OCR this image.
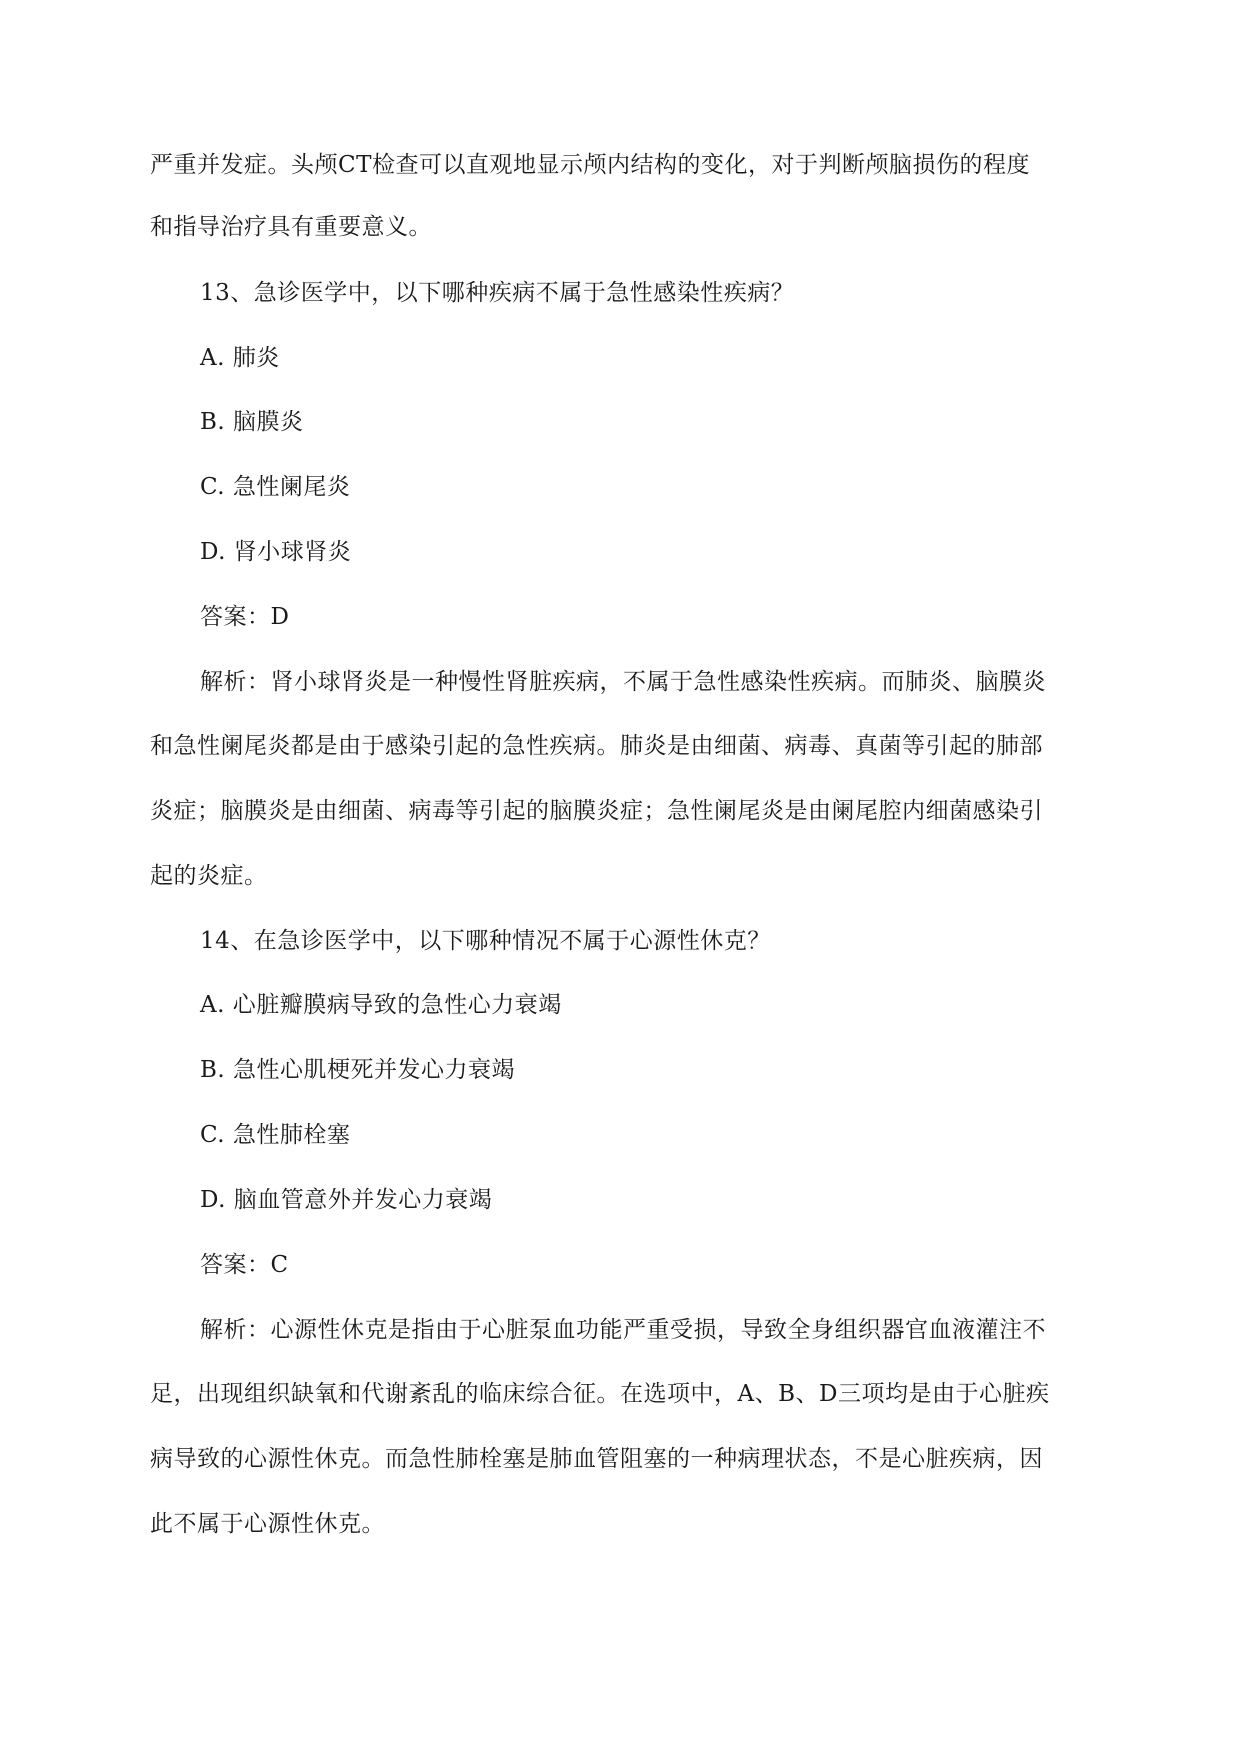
严重并发症。头颅CT检查可以直观地显示颅内结构的变化，对于判断颅脑损伤的程度
和指导治疗具有重要意义。
13、急诊医学中，以下哪种疾病不属于急性感染性疾病？
A. 肺炎
B. 脑膜炎
C. 急性阑尾炎
D. 肾小球肾炎
答案：D
解析：肾小球肾炎是一种慢性肾脏疾病，不属于急性感染性疾病。而肺炎、脑膜炎
和急性阑尾炎都是由于感染引起的急性疾病。肺炎是由细菌、病毒、真菌等引起的肺部
炎症；脑膜炎是由细菌、病毒等引起的脑膜炎症；急性阑尾炎是由阑尾腔内细菌感染引
起的炎症。
14、在急诊医学中，以下哪种情况不属于心源性休克？
A. 心脏瓣膜病导致的急性心力衰竭
B. 急性心肌梗死并发心力衰竭
C. 急性肺栓塞
D. 脑血管意外并发心力衰竭
答案：C
解析：心源性休克是指由于心脏泵血功能严重受损，导致全身组织器官血液灌注不
足，出现组织缺氧和代谢紊乱的临床综合征。在选项中，A、B、D三项均是由于心脏疾
病导致的心源性休克。而急性肺栓塞是肺血管阻塞的一种病理状态，不是心脏疾病，因
此不属于心源性休克。
